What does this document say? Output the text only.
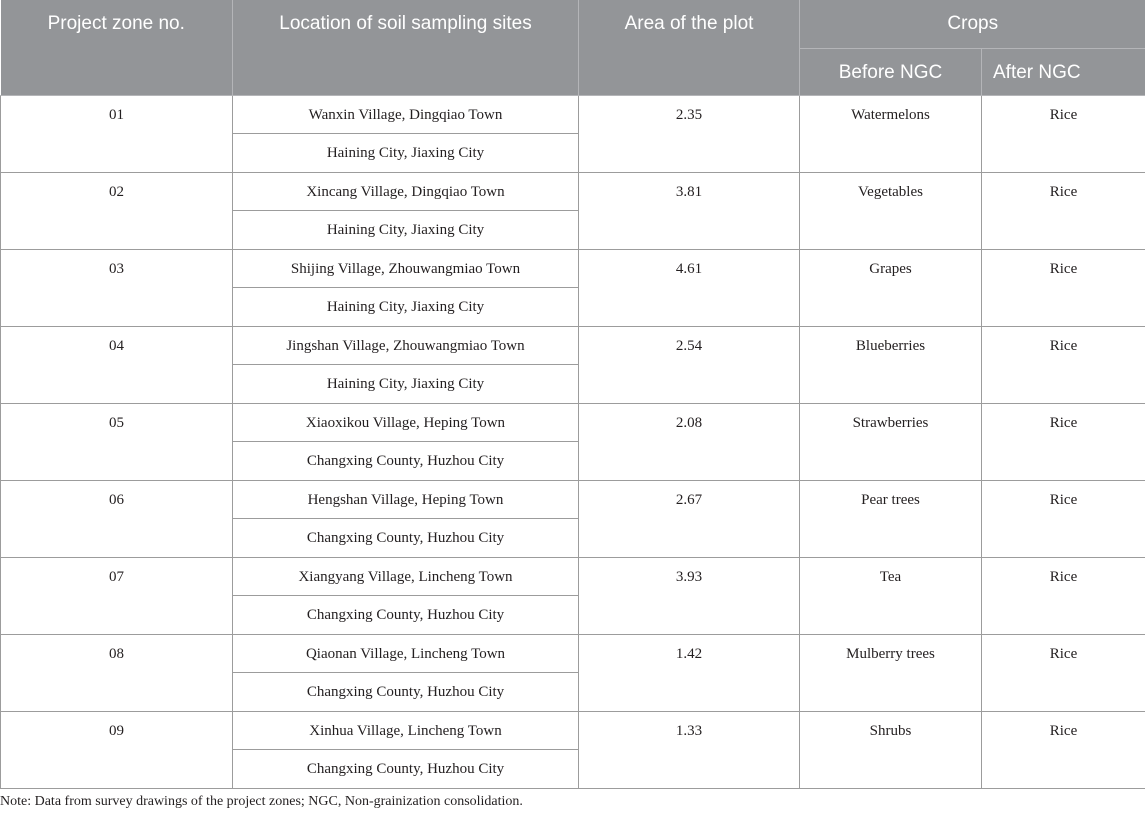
Project zone no.	Location of soil sampling sites	Area of the plot	Crops	
			Before NGC	After NGC
01	Wanxin Village, Dingqiao Town	2.35	Watermelons	Rice
	Haining City, Jiaxing City			
02	Xincang Village, Dingqiao Town	3.81	Vegetables	Rice
	Haining City, Jiaxing City			
03	Shijing Village, Zhouwangmiao Town	4.61	Grapes	Rice
	Haining City, Jiaxing City			
04	Jingshan Village, Zhouwangmiao Town	2.54	Blueberries	Rice
	Haining City, Jiaxing City			
05	Xiaoxikou Village, Heping Town	2.08	Strawberries	Rice
	Changxing County, Huzhou City			
06	Hengshan Village, Heping Town	2.67	Pear trees	Rice
	Changxing County, Huzhou City			
07	Xiangyang Village, Lincheng Town	3.93	Tea	Rice
	Changxing County, Huzhou City			
08	Qiaonan Village, Lincheng Town	1.42	Mulberry trees	Rice
	Changxing County, Huzhou City			
09	Xinhua Village, Lincheng Town	1.33	Shrubs	Rice
	Changxing County, Huzhou City			
Note: Data from survey drawings of the project zones; NGC, Non-grainization consolidation.
